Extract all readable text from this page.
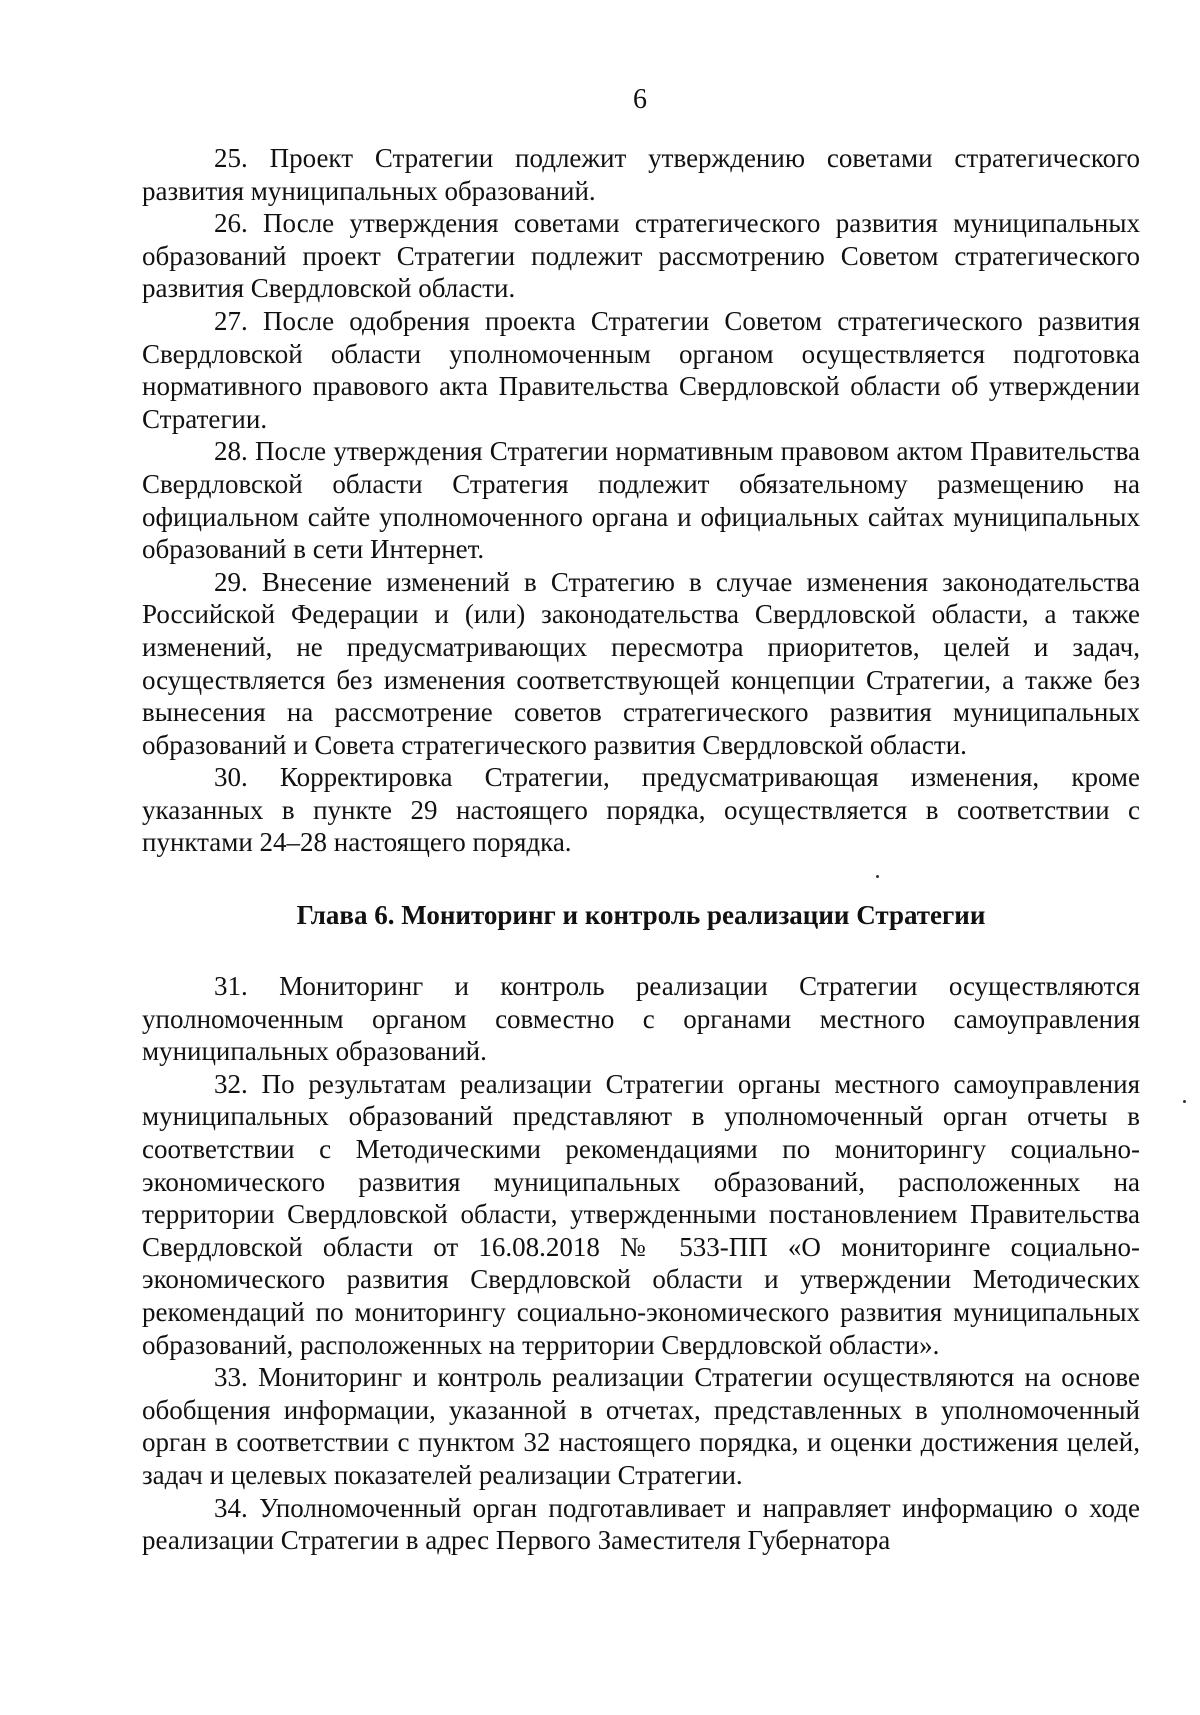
6

25. Проект Стратегии подлежит утверждению советами стратегического развития муниципальных образований.

26. После утверждения советами стратегического развития муниципальных образований проект Стратегии подлежит рассмотрению Советом стратегического развития Свердловской области.

27. После одобрения проекта Стратегии Советом стратегического развития Свердловской области уполномоченным органом осуществляется подготовка нормативного правового акта Правительства Свердловской области об утверждении Стратегии.

28. После утверждения Стратегии нормативным правовом актом Правительства Свердловской области Стратегия подлежит обязательному размещению на официальном сайте уполномоченного органа и официальных сайтах муниципальных образований в сети Интернет.

29. Внесение изменений в Стратегию в случае изменения законодательства Российской Федерации и (или) законодательства Свердловской области, а также изменений, не предусматривающих пересмотра приоритетов, целей и задач, осуществляется без изменения соответствующей концепции Стратегии, а также без вынесения на рассмотрение советов стратегического развития муниципальных образований и Совета стратегического развития Свердловской области.

30. Корректировка Стратегии, предусматривающая изменения, кроме указанных в пункте 29 настоящего порядка, осуществляется в соответствии с пунктами 24–28 настоящего порядка.

Глава 6. Мониторинг и контроль реализации Стратегии

31. Мониторинг и контроль реализации Стратегии осуществляются уполномоченным органом совместно с органами местного самоуправления муниципальных образований.

32. По результатам реализации Стратегии органы местного самоуправления муниципальных образований представляют в уполномоченный орган отчеты в соответствии с Методическими рекомендациями по мониторингу социально-экономического развития муниципальных образований, расположенных на территории Свердловской области, утвержденными постановлением Правительства Свердловской области от 16.08.2018 № 533-ПП «О мониторинге социально-экономического развития Свердловской области и утверждении Методических рекомендаций по мониторингу социально-экономического развития муниципальных образований, расположенных на территории Свердловской области».

33. Мониторинг и контроль реализации Стратегии осуществляются на основе обобщения информации, указанной в отчетах, представленных в уполномоченный орган в соответствии с пунктом 32 настоящего порядка, и оценки достижения целей, задач и целевых показателей реализации Стратегии.

34. Уполномоченный орган подготавливает и направляет информацию о ходе реализации Стратегии в адрес Первого Заместителя Губернатора
